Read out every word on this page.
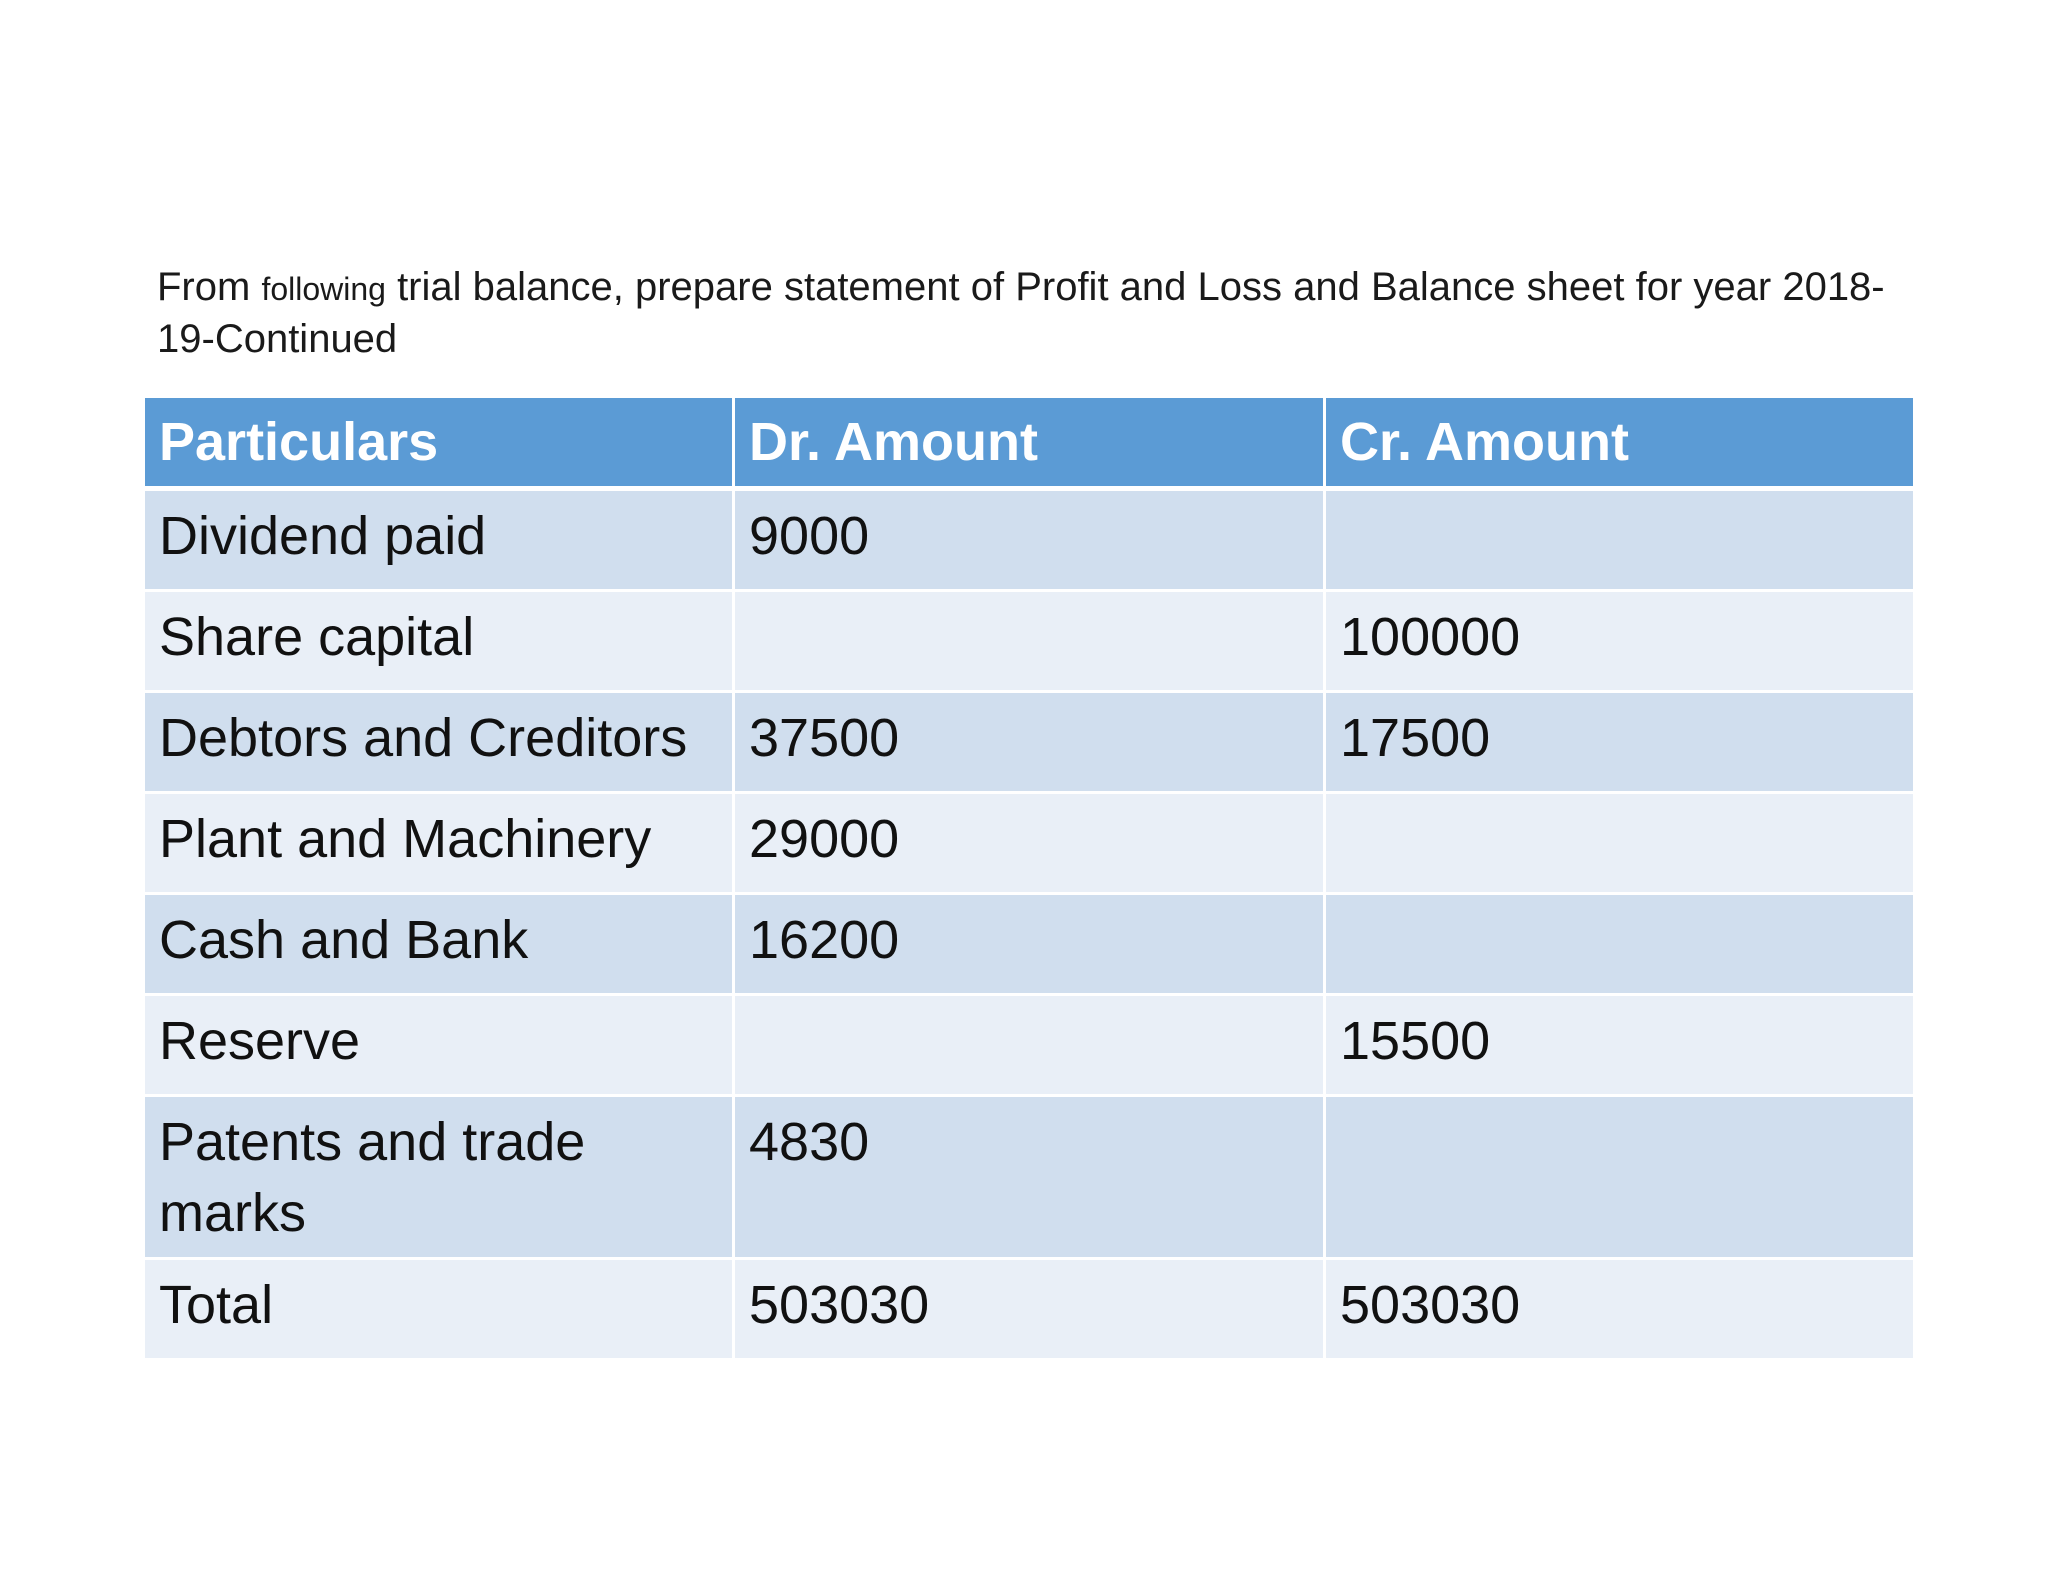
From following trial balance, prepare statement of Profit and Loss and Balance sheet for year 2018-19-Continued
Particulars	Dr. Amount	Cr. Amount
Dividend paid	9000	
Share capital		100000
Debtors and Creditors	37500	17500
Plant and Machinery	29000	
Cash and Bank	16200	
Reserve		15500
Patents and trade marks	4830	
Total	503030	503030
